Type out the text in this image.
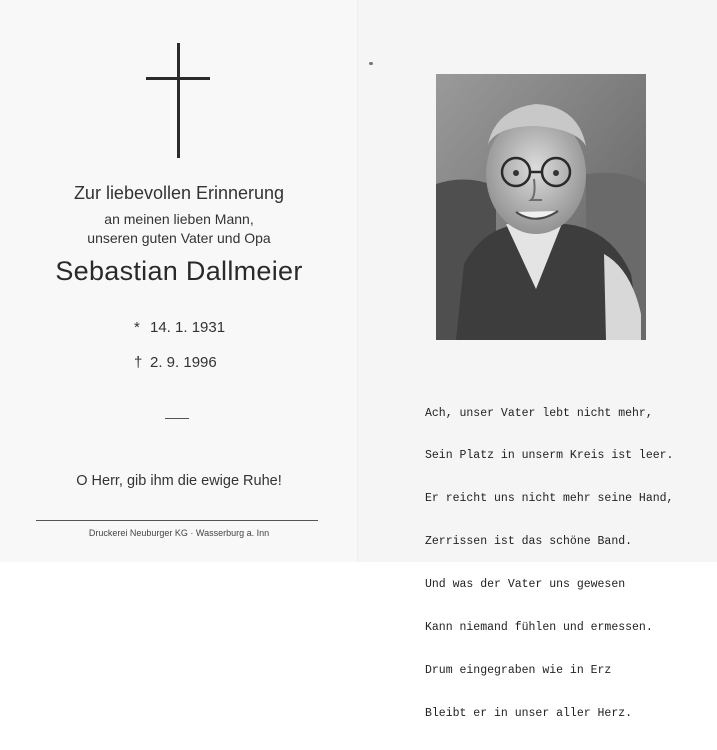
Zur liebevollen Erinnerung
an meinen lieben Mann,
unseren guten Vater und Opa
Sebastian Dallmeier
* 14. 1. 1931
† 2. 9. 1996
O Herr, gib ihm die ewige Ruhe!
Druckerei Neuburger KG · Wasserburg a. Inn

Ach, unser Vater lebt nicht mehr,

Sein Platz in unserm Kreis ist leer.

Er reicht uns nicht mehr seine Hand,

Zerrissen ist das schöne Band.

Und was der Vater uns gewesen

Kann niemand fühlen und ermessen.

Drum eingegraben wie in Erz

Bleibt er in unser aller Herz.
